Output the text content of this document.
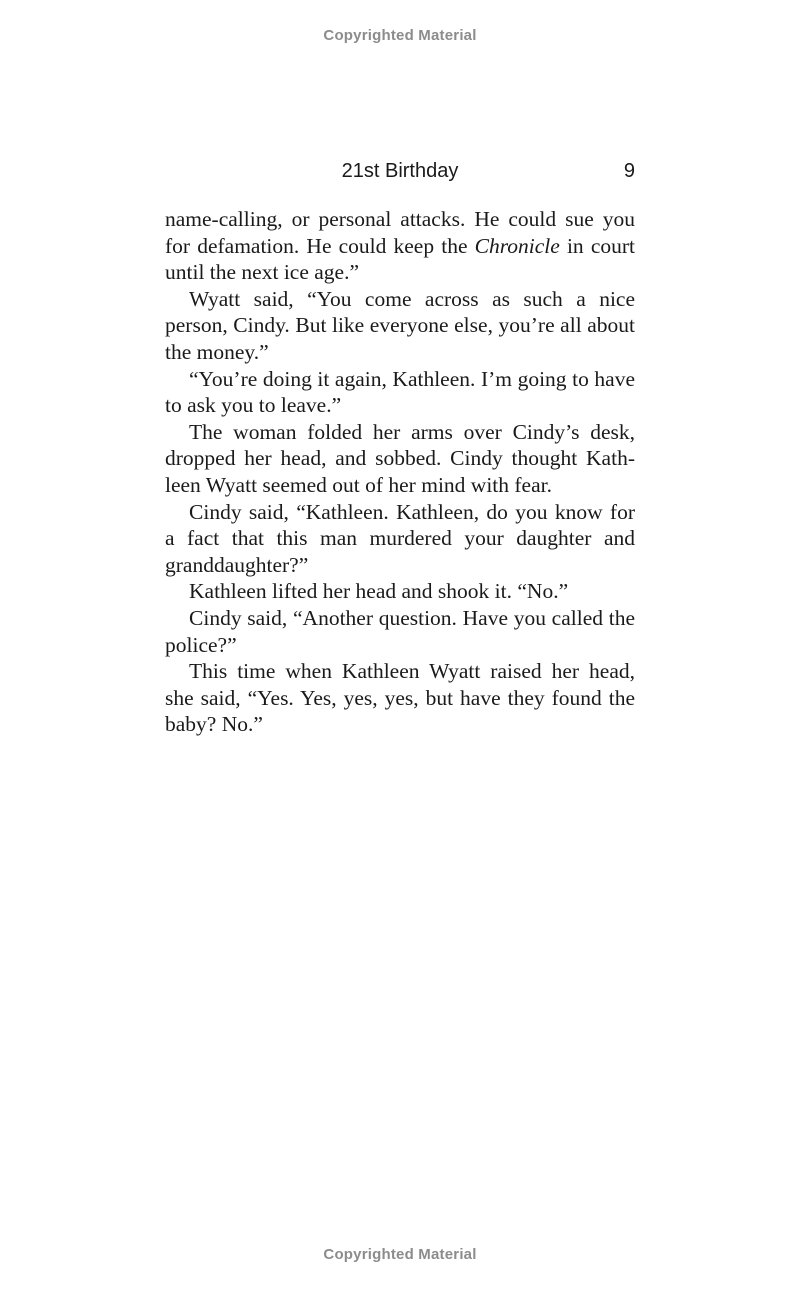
Copyrighted Material
21st Birthday	9

name-calling, or personal attacks. He could sue you for defamation. He could keep the Chronicle in court until the next ice age.”

Wyatt said, “You come across as such a nice person, Cindy. But like everyone else, you’re all about the money.”

“You’re doing it again, Kathleen. I’m going to have to ask you to leave.”

The woman folded her arms over Cindy’s desk, dropped her head, and sobbed. Cindy thought Kathleen Wyatt seemed out of her mind with fear.

Cindy said, “Kathleen. Kathleen, do you know for a fact that this man murdered your daughter and granddaughter?”

Kathleen lifted her head and shook it. “No.”

Cindy said, “Another question. Have you called the police?”

This time when Kathleen Wyatt raised her head, she said, “Yes. Yes, yes, yes, but have they found the baby? No.”

Copyrighted Material
